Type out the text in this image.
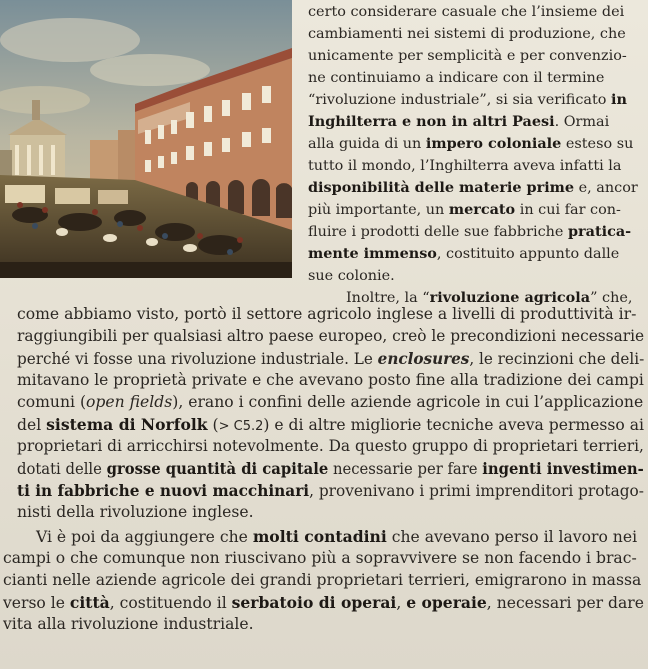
certo considerare casuale che l’insieme dei
cambiamenti nei sistemi di produzione, che
unicamente per semplicità e per convenzio-
ne continuiamo a indicare con il termine
“rivoluzione industriale”, si sia verificato in
Inghilterra e non in altri Paesi. Ormai
alla guida di un impero coloniale esteso su
tutto il mondo, l’Inghilterra aveva infatti la
disponibilità delle materie prime e, ancor
più importante, un mercato in cui far con-
fluire i prodotti delle sue fabbriche pratica-
mente immenso, costituito appunto dalle
sue colonie.
Inoltre, la “rivoluzione agricola” che,
come abbiamo visto, portò il settore agricolo inglese a livelli di produttività ir-
raggiungibili per qualsiasi altro paese europeo, creò le precondizioni necessarie
perché vi fosse una rivoluzione industriale. Le enclosures, le recinzioni che deli-
mitavano le proprietà private e che avevano posto fine alla tradizione dei campi
comuni (open fields), erano i confini delle aziende agricole in cui l’applicazione
del sistema di Norfolk (> C5.2) e di altre migliorie tecniche aveva permesso ai
proprietari di arricchirsi notevolmente. Da questo gruppo di proprietari terrieri,
dotati delle grosse quantità di capitale necessarie per fare ingenti investimen-
ti in fabbriche e nuovi macchinari, provenivano i primi imprenditori protago-
nisti della rivoluzione inglese.
Vi è poi da aggiungere che molti contadini che avevano perso il lavoro nei
campi o che comunque non riuscivano più a sopravvivere se non facendo i brac-
cianti nelle aziende agricole dei grandi proprietari terrieri, emigrarono in massa
verso le città, costituendo il serbatoio di operai, e operaie, necessari per dare
vita alla rivoluzione industriale.
